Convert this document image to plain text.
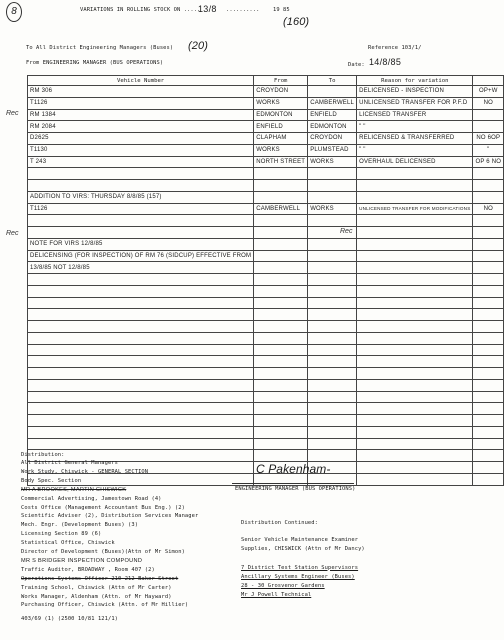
8	VARIATIONS IN ROLLING STOCK ON .....
13/8 ..........	19 85
(160)
To All District Engineering Managers (Buses) (20)	Reference 103/1/
From ENGINEERING MANAGER (BUS OPERATIONS)	Date: 14/8/85
Vehicle Number	From	To	Reason for variation	
RM 306	CROYDON		DELICENSED - INSPECTION	OP+W
T1126	WORKS	CAMBERWELL	UNLICENSED TRANSFER FOR P.F.D	NO
RM 1384	EDMONTON	ENFIELD	LICENSED TRANSFER	
RM 2084	ENFIELD	EDMONTON	" "	
D2625	CLAPHAM	CROYDON	RELICENSED & TRANSFERRED	NO 6OP
T1130	WORKS	PLUMSTEAD	" "	"
T 243	NORTH STREET	WORKS	OVERHAUL DELICENSED	OP 6 NO

ADDITION TO VIRS: THURSDAY 8/8/85 (157)				
T1126	CAMBERWELL	WORKS	UNLICENSED TRANSFER FOR MODIFICATIONS	NO

NOTE FOR VIRS 12/8/85				
DELICENSING (FOR INSPECTION) OF RM 76 (SIDCUP) EFFECTIVE FROM				
13/8/85 NOT 12/8/85				

Rec
Rec	Rec
Distribution:
All District General Managers
Work Study, Chiswick - GENERAL SECTION
Body Spec. Section
MR A BROOKES, MARTIN CHISWICK
Commercial Advertising, Jamestown Road (4)
Costs Office (Management Accountant Bus Eng.) (2)
Scientific Adviser (2), Distribution Services Manager
Mech. Engr. (Development Buses) (3)
Licensing Section 89 (6)
Statistical Office, Chiswick
Director of Development (Buses)(Attn of Mr Simon)
MR S BRIDGER INSPECTION COMPOUND
Traffic Auditor, BROADWAY , Room 407 (2)
Operations Systems Officer 210-212 Baker Street
Training School, Chiswick (Attn of Mr Carter)
Works Manager, Aldenham (Attn. of Mr Hayward)
Purchasing Officer, Chiswick (Attn. of Mr Hillier)
C Pakenham-
ENGINEERING MANAGER (BUS OPERATIONS)
Distribution Continued:
Senior Vehicle Maintenance Examiner
Supplies, CHISWICK (Attn of Mr Dancy)
7 District Test Station Supervisors
Ancillary Systems Engineer (Buses)
28 - 30 Grosvenor Gardens
Mr J Powell Technical
403/69 (1) (2500 10/81 121/1)
